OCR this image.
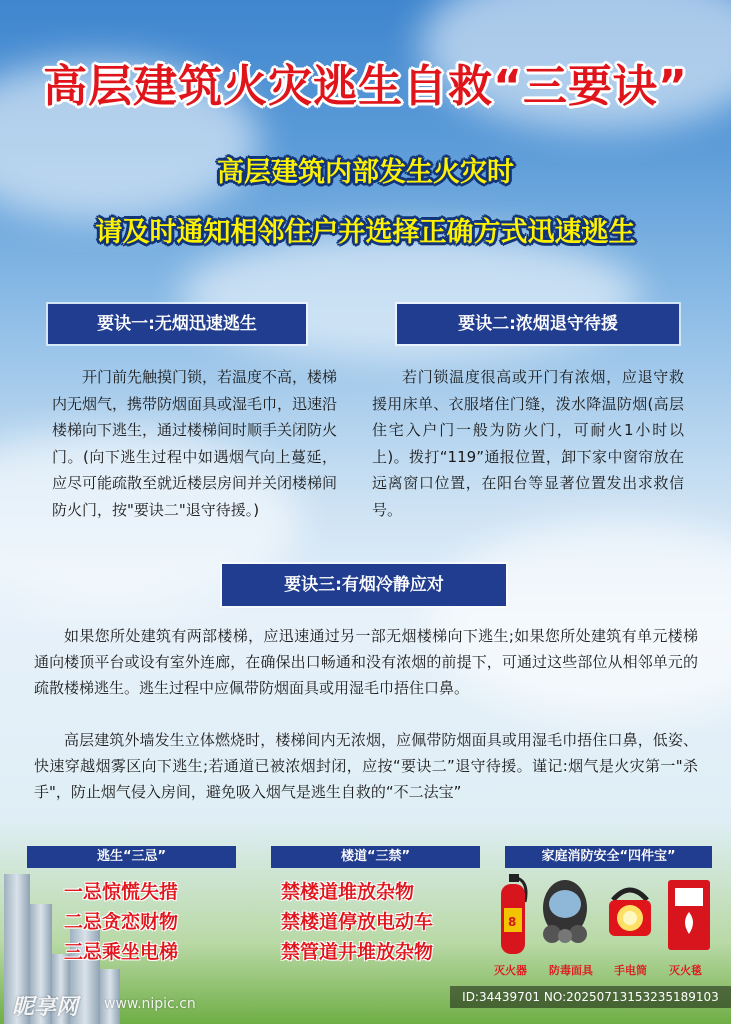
高层建筑火灾逃生自救“三要诀”
高层建筑内部发生火灾时
请及时通知相邻住户并选择正确方式迅速逃生
要诀一:无烟迅速逃生	要诀二:浓烟退守待援
开门前先触摸门锁，若温度不高，楼梯内无烟气，携带防烟面具或湿毛巾，迅速沿楼梯向下逃生，通过楼梯间时顺手关闭防火门。(向下逃生过程中如遇烟气向上蔓延，应尽可能疏散至就近楼层房间并关闭楼梯间防火门，按"要诀二"退守待援。)
若门锁温度很高或开门有浓烟，应退守救援用床单、衣服堵住门缝，泼水降温防烟(高层住宅入户门一般为防火门，可耐火1小时以上)。拨打“119”通报位置，卸下家中窗帘放在远离窗口位置，在阳台等显著位置发出求救信号。
要诀三:有烟冷静应对
如果您所处建筑有两部楼梯，应迅速通过另一部无烟楼梯向下逃生;如果您所处建筑有单元楼梯通向楼顶平台或设有室外连廊，在确保出口畅通和没有浓烟的前提下，可通过这些部位从相邻单元的疏散楼梯逃生。逃生过程中应佩带防烟面具或用湿毛巾捂住口鼻。
高层建筑外墙发生立体燃烧时，楼梯间内无浓烟，应佩带防烟面具或用湿毛巾捂住口鼻，低姿、快速穿越烟雾区向下逃生;若通道已被浓烟封闭，应按“要诀二”退守待援。谨记:烟气是火灾第一"杀手"，防止烟气侵入房间，避免吸入烟气是逃生自救的“不二法宝”
逃生“三忌”	楼道“三禁”	家庭消防安全“四件宝”
一忌惊慌失措
二忌贪恋财物
三忌乘坐电梯
禁楼道堆放杂物
禁楼道停放电动车
禁管道井堆放杂物
8
灭火器 防毒面具 手电筒 灭火毯
昵享网 www.nipic.cn	ID:34439701 NO:20250713153235189103
